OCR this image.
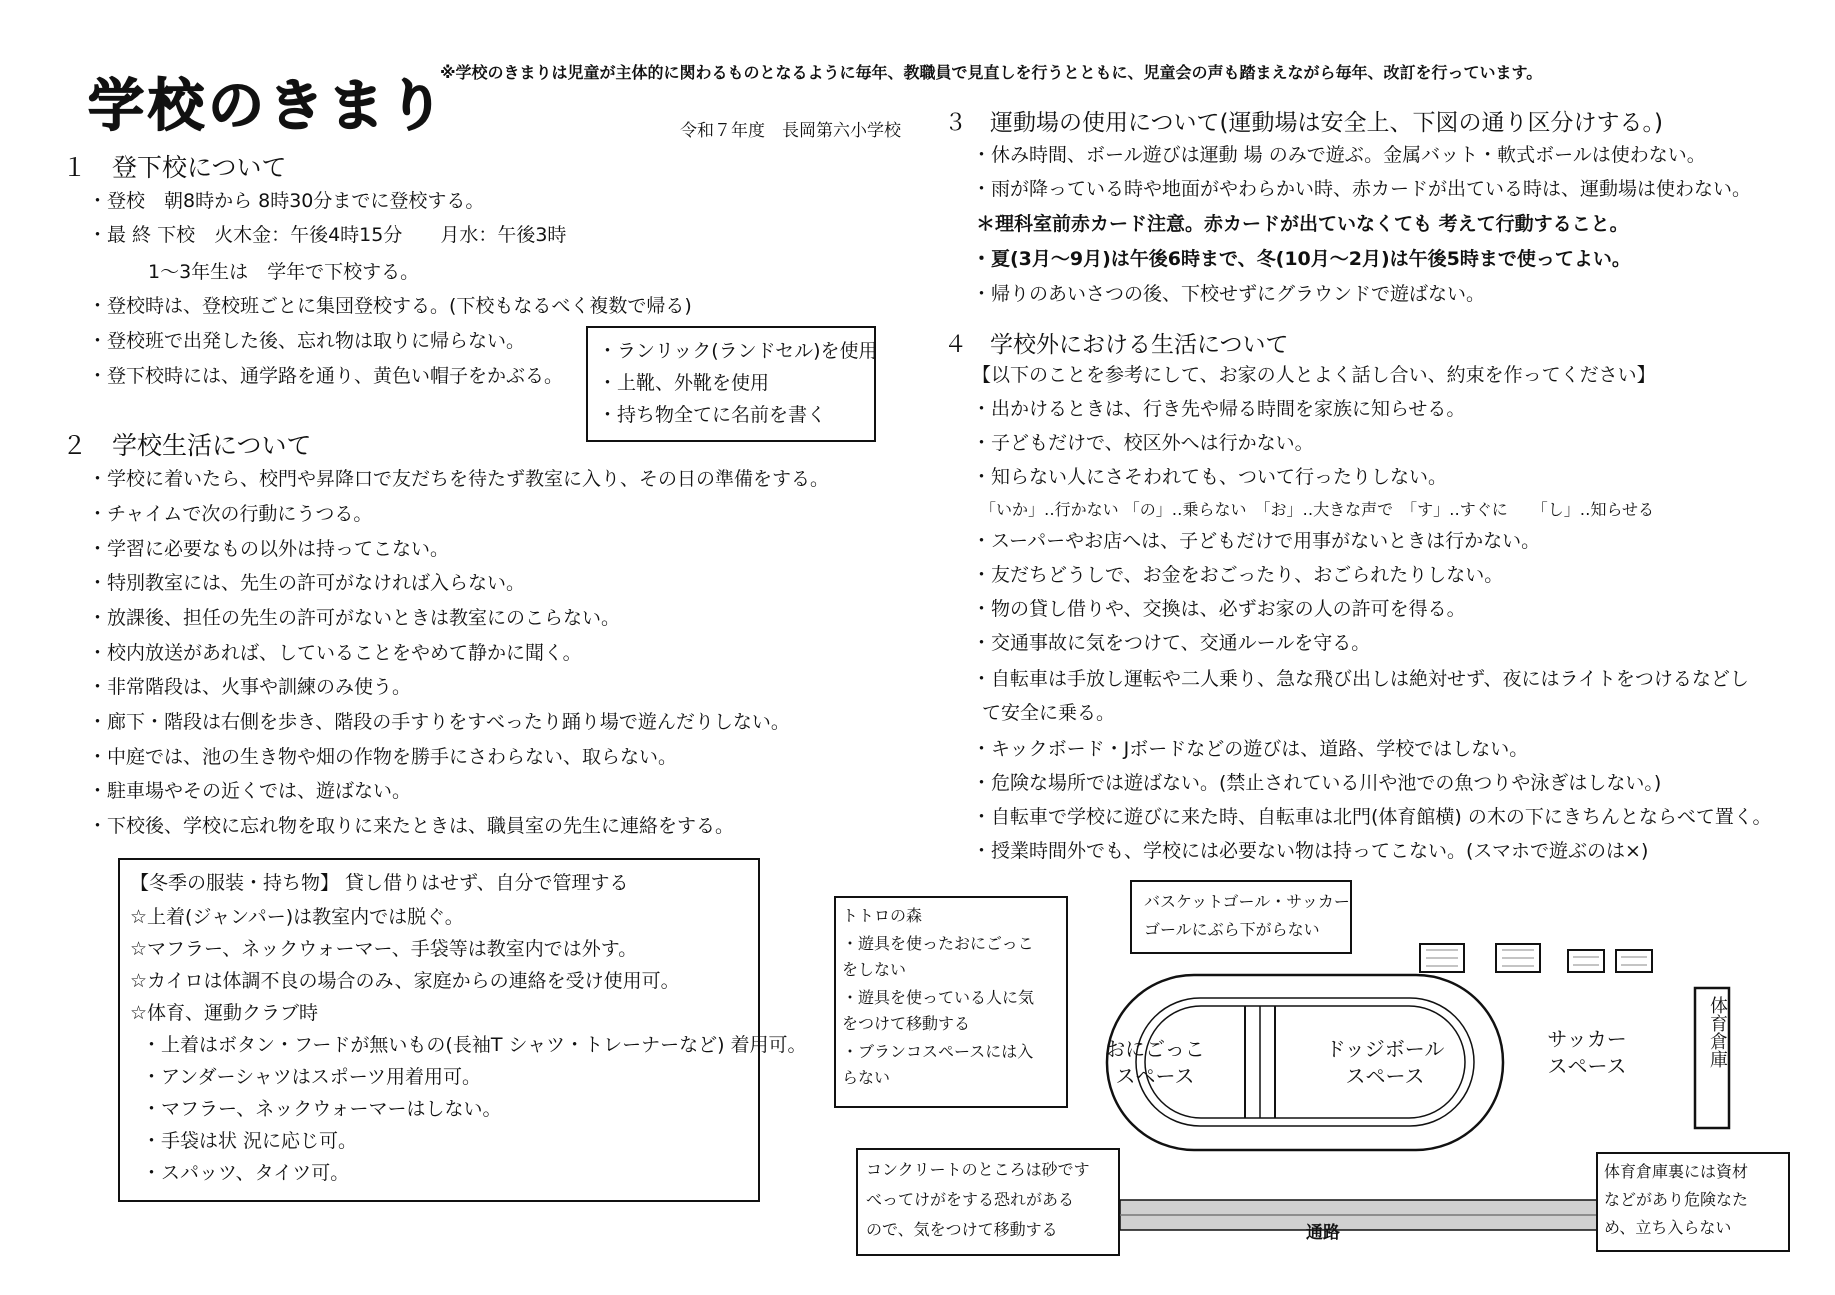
学校のきまり
※学校のきまりは児童が主体的に関わるものとなるように毎年、教職員で見直しを行うとともに、児童会の声も踏まえながら毎年、改訂を行っています。
令和７年度　長岡第六小学校
１　登下校について
・登校　朝8時から 8時30分までに登校する。
・最 終 下校　火木金：午後4時15分　　月水：午後3時
1～3年生は　学年で下校する。
・登校時は、登校班ごとに集団登校する。(下校もなるべく複数で帰る)
・登校班で出発した後、忘れ物は取りに帰らない。
・登下校時には、通学路を通り、黄色い帽子をかぶる。
・ランリック(ランドセル)を使用
・上靴、外靴を使用
・持ち物全てに名前を書く
２　学校生活について
・学校に着いたら、校門や昇降口で友だちを待たず教室に入り、その日の準備をする。
・チャイムで次の行動にうつる。
・学習に必要なもの以外は持ってこない。
・特別教室には、先生の許可がなければ入らない。
・放課後、担任の先生の許可がないときは教室にのこらない。
・校内放送があれば、していることをやめて静かに聞く。
・非常階段は、火事や訓練のみ使う。
・廊下・階段は右側を歩き、階段の手すりをすべったり踊り場で遊んだりしない。
・中庭では、池の生き物や畑の作物を勝手にさわらない、取らない。
・駐車場やその近くでは、遊ばない。
・下校後、学校に忘れ物を取りに来たときは、職員室の先生に連絡をする。
【冬季の服装・持ち物】 貸し借りはせず、自分で管理する
☆上着(ジャンパー)は教室内では脱ぐ。
☆マフラー、ネックウォーマー、手袋等は教室内では外す。
☆カイロは体調不良の場合のみ、家庭からの連絡を受け使用可。
☆体育、運動クラブ時
・上着はボタン・フードが無いもの(長袖T シャツ・トレーナーなど) 着用可。
・アンダーシャツはスポーツ用着用可。
・マフラー、ネックウォーマーはしない。
・手袋は状 況に応じ可。
・スパッツ、タイツ可。
３　運動場の使用について(運動場は安全上、下図の通り区分けする。)
・休み時間、ボール遊びは運動 場 のみで遊ぶ。金属バット・軟式ボールは使わない。
・雨が降っている時や地面がやわらかい時、赤カードが出ている時は、運動場は使わない。
＊理科室前赤カード注意。赤カードが出ていなくても 考えて行動すること。
・夏(3月～9月)は午後6時まで、冬(10月～2月)は午後5時まで使ってよい。
・帰りのあいさつの後、下校せずにグラウンドで遊ばない。
４　学校外における生活について
【以下のことを参考にして、お家の人とよく話し合い、約束を作ってください】
・出かけるときは、行き先や帰る時間を家族に知らせる。
・子どもだけで、校区外へは行かない。
・知らない人にさそわれても、ついて行ったりしない。
「いか」‥行かない 「の」‥乗らない　「お」‥大きな声で　「す」‥すぐに　　「し」‥知らせる
・スーパーやお店へは、子どもだけで用事がないときは行かない。
・友だちどうしで、お金をおごったり、おごられたりしない。
・物の貸し借りや、交換は、必ずお家の人の許可を得る。
・交通事故に気をつけて、交通ルールを守る。
・自転車は手放し運転や二人乗り、急な飛び出しは絶対せず、夜にはライトをつけるなどし
て安全に乗る。
・キックボード・Jボードなどの遊びは、道路、学校ではしない。
・危険な場所では遊ばない。(禁止されている川や池での魚つりや泳ぎはしない。)
・自転車で学校に遊びに来た時、自転車は北門(体育館横) の木の下にきちんとならべて置く。
・授業時間外でも、学校には必要ない物は持ってこない。(スマホで遊ぶのは×)
トトロの森
・遊具を使ったおにごっこ
をしない
・遊具を使っている人に気
をつけて移動する
・ブランコスペースには入
らない
バスケットゴール・サッカー
ゴールにぶら下がらない
おにごっこ
スペース
ドッジボール
スペース
サッカー
スペース	体育倉庫
コンクリートのところは砂です
べってけがをする恐れがある
ので、気をつけて移動する	通路
体育倉庫裏には資材
などがあり危険なた
め、立ち入らない
